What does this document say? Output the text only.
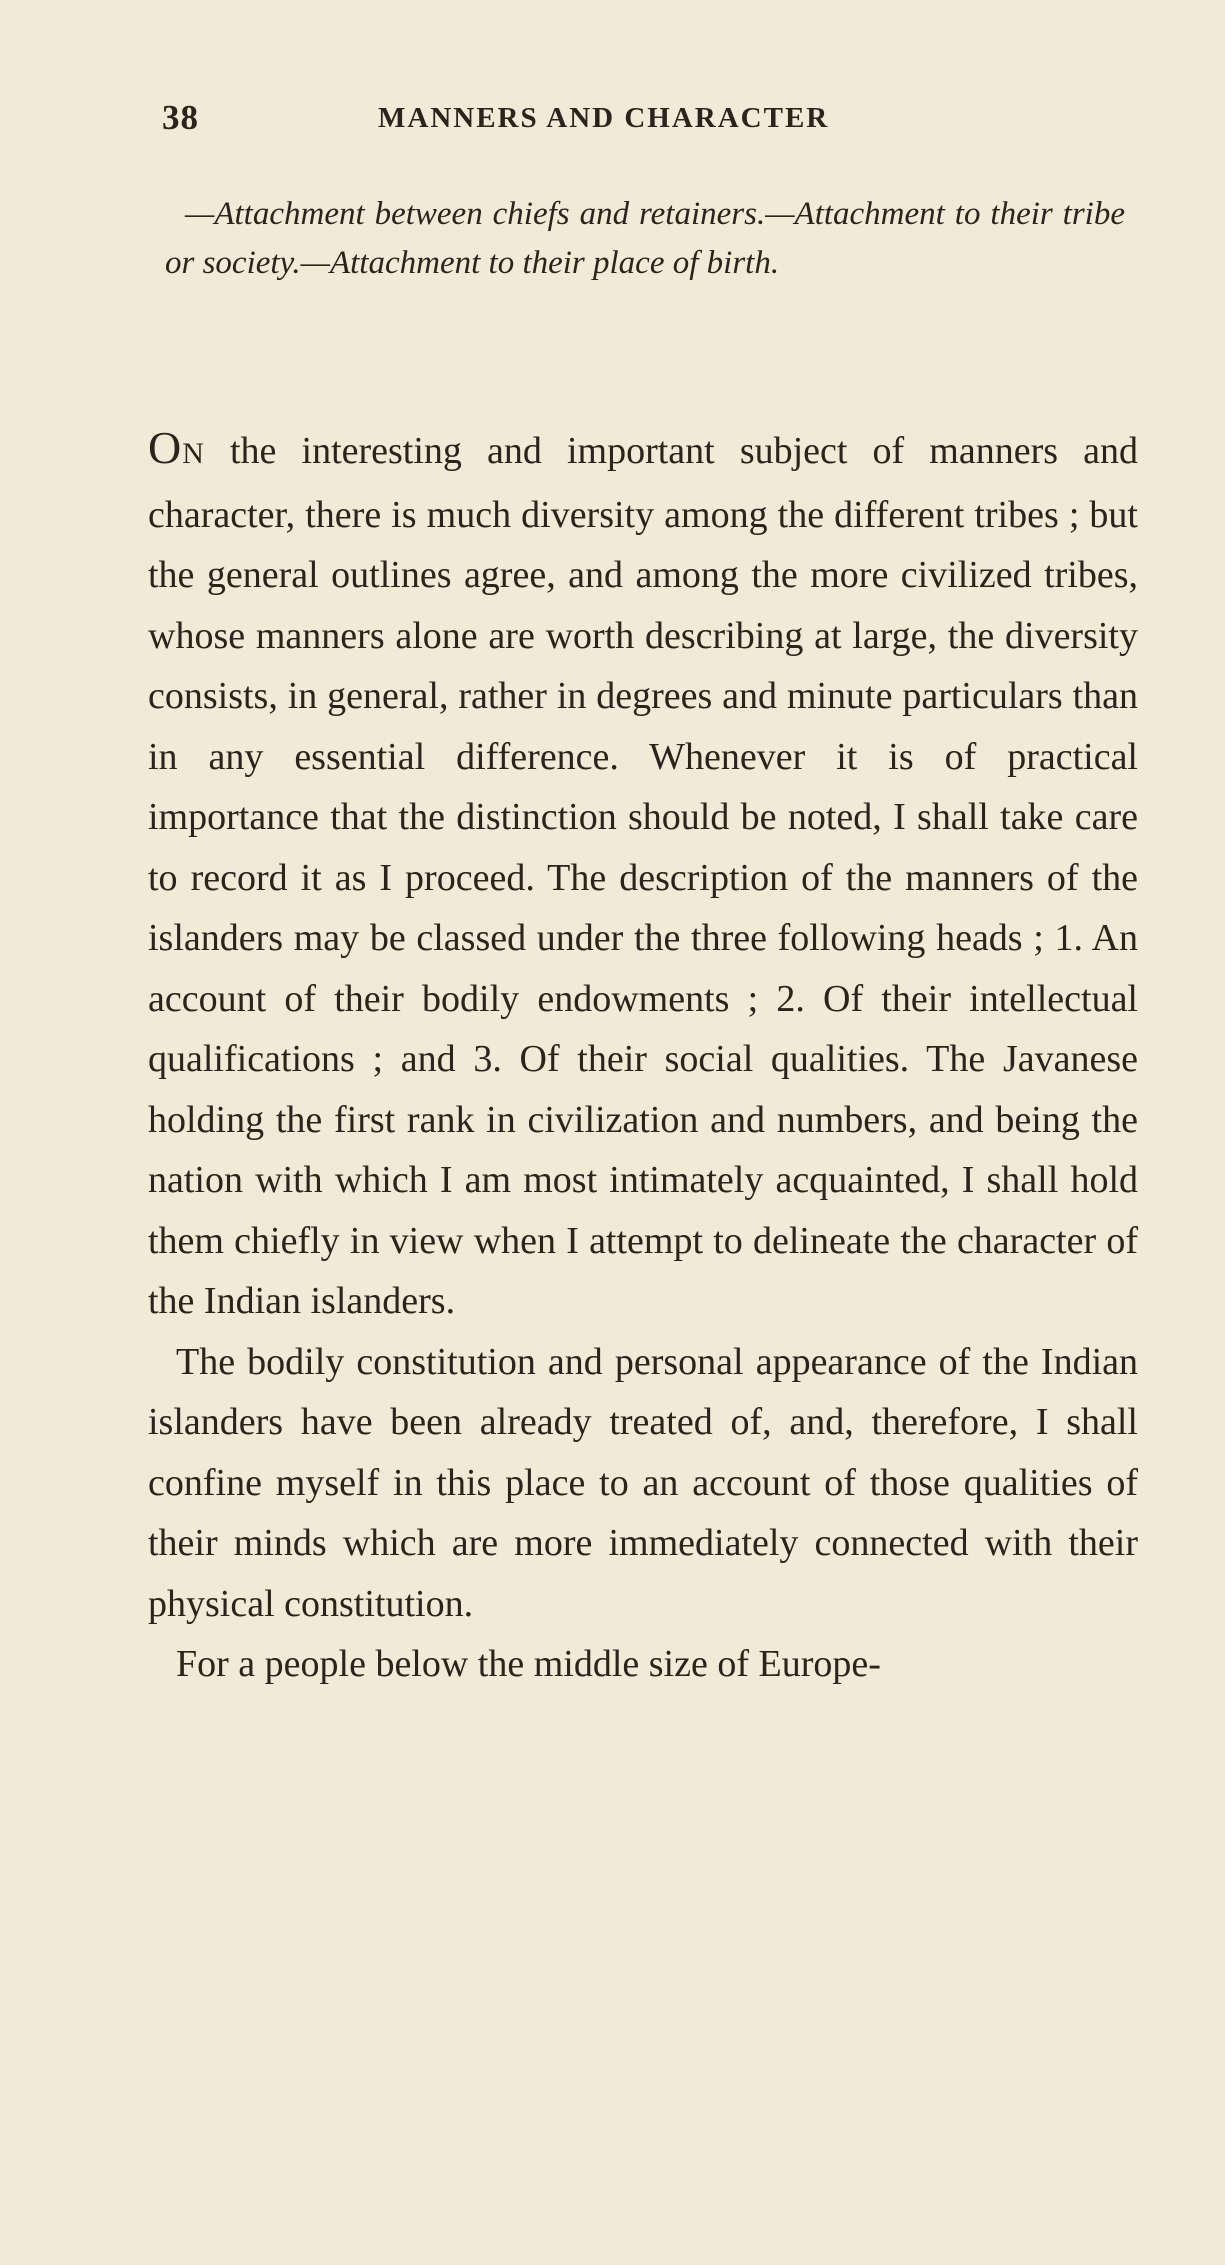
38	MANNERS AND CHARACTER
—Attachment between chiefs and retainers.—Attachment to their tribe or society.—Attachment to their place of birth.

ON the interesting and important subject of manners and character, there is much diversity among the different tribes ; but the general outlines agree, and among the more civilized tribes, whose manners alone are worth describing at large, the diversity consists, in general, rather in degrees and minute particulars than in any essential difference. Whenever it is of practical importance that the distinction should be noted, I shall take care to record it as I proceed. The description of the manners of the islanders may be classed under the three following heads ; 1. An account of their bodily endowments ; 2. Of their intellectual qualifications ; and 3. Of their social qualities. The Javanese holding the first rank in civilization and numbers, and being the nation with which I am most intimately acquainted, I shall hold them chiefly in view when I attempt to delineate the character of the Indian islanders.

The bodily constitution and personal appearance of the Indian islanders have been already treated of, and, therefore, I shall confine myself in this place to an account of those qualities of their minds which are more immediately connected with their physical constitution.

For a people below the middle size of Europe-
